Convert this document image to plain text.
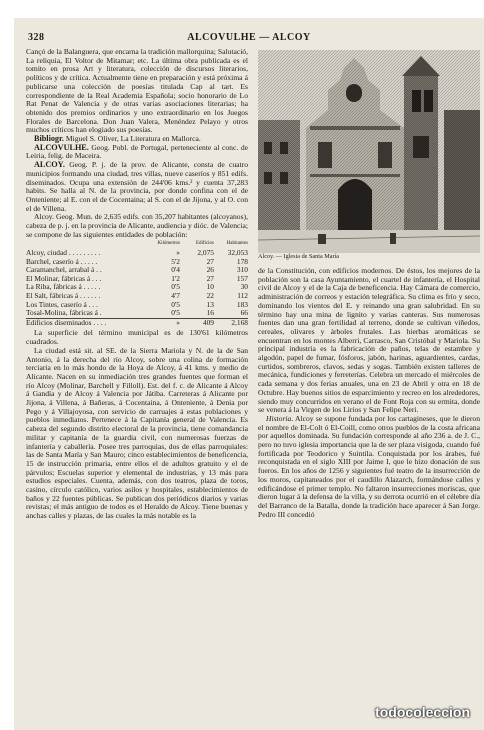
328	ALCOVULHE — ALCOY

Cançó de la Balanguera, que encarna la tradición mallorquina; Salutació, La reliquia, El Voltor de Mitamar; etc. La última obra publicada es el tomito en prosa Art y literatura, colección de discursos literarios, políticos y de crítica. Actualmente tiene en preparación y está próxima á publicarse una colección de poesías titulada Cap al tart. Es correspondiente de la Real Academia Española; socio honorario de Lo Rat Penat de Valencia y de otras varias asociaciones literarias; ha obtenido dos premios ordinarios y uno extraordinario en los Juegos Florales de Barcelona. Don Juan Valera, Menéndez Pelayo y otros muchos críticos han elogiado sus poesías.

Bibliogr. Miguel S. Oliver, La Literatura en Mallorca.

ALCOVULHE. Geog. Pobl. de Portugal, perteneciente al conc. de Leiria, felig. de Maceira.

ALCOY. Geog. P. j. de la prov. de Alicante, consta de cuatro municipios formando una ciudad, tres villas, nueve caseríos y 851 edifs. diseminados. Ocupa una extensión de 244'06 kms.² y cuenta 37,283 habits. Se halla al N. de la provincia, por donde confina con el de Onteniente; al E. con el de Cocentaina; al S. con el de Jijona, y al O. con el de Villena.

Alcoy. Geog. Mun. de 2,635 edifs. con 35,207 habitantes (alcoyanos), cabeza de p. j. en la provincia de Alicante, audiencia y dióc. de Valencia; se compone de las siguientes entidades de población:

	Kilómetros	Edificios	Habitantes
Alcoy, ciudad . . . . . . . . .	»	2,075	32,053
Barchel, caserío á . . . . .	5'2	27	178
Caramanchel, arrabal á . .	0'4	26	310
El Molinar, fábricas á . . .	1'2	27	157
La Riba, fábricas á . . . . .	0'5	10	30
El Salt, fábricas á . . . . . .	4'7	22	112
Los Tintes, caserío á . . .	0'5	13	183
Tosal-Molina, fábricas á .	0'5	16	66
Edificios diseminados . . . .	»	409	2,168

La superficie del término municipal es de 130'61 kilómetros cuadrados.

La ciudad está sit. al SE. de la Sierra Mariola y N. de la de San Antonio, á la derecha del río Alcoy, sobre una colina de formación terciaria en lo más hondo de la Hoya de Alcoy, á 41 kms. y medio de Alicante. Nacen en su inmediación tres grandes fuentes que forman el río Alcoy (Molinar, Barchell y Filloll). Est. del f. c. de Alicante á Alcoy á Gandía y de Alcoy á Valencia por Játiba. Carreteras á Alicante por Jijona, á Villena, á Bañeras, á Cocentaina, á Onteniente, á Denia por Pego y á Villajoyosa, con servicio de carruajes á estas poblaciones y pueblos inmediatos. Pertenece á la Capitanía general de Valencia. Es cabeza del segundo distrito electoral de la provincia, tiene comandancia militar y capitanía de la guardia civil, con numerosas fuerzas de infantería y caballería. Posee tres parroquias, dos de ellas parroquiales: las de Santa María y San Mauro; cinco establecimientos de beneficencia, 15 de instrucción primaria, entre ellos el de adultos gratuito y el de párvulos; Escuelas superior y elemental de industrias, y 13 más para estudios especiales. Cuenta, además, con dos teatros, plaza de toros, casino, círculo católico, varios asilos y hospitales, establecimientos de baños y 22 fuentes públicas. Se publican dos periódicos diarios y varias revistas; el más antiguo de todos es el Heraldo de Alcoy. Tiene buenas y anchas calles y plazas, de las cuales la más notable es la

Alcoy. — Iglesia de Santa María

de la Constitución, con edificios modernos. De éstos, los mejores de la población son la casa Ayuntamiento, el cuartel de infantería, el Hospital civil de Alcoy y el de la Caja de beneficencia. Hay Cámara de comercio, administración de correos y estación telegráfica. Su clima es frío y seco, dominando los vientos del E. y reinando una gran salubridad. En su término hay una mina de lignito y varias canteras. Sus numerosas fuentes dan una gran fertilidad al terreno, donde se cultivan viñedos, cereales, olivares y árboles frutales. Las hierbas aromáticas se encuentran en los montes Alberri, Carrasco, San Cristóbal y Mariola. Su principal industria es la fabricación de paños, telas de estambre y algodón, papel de fumar, fósforos, jabón, harinas, aguardientes, cardas, curtidos, sombreros, clavos, sedas y sogas. También existen talleres de mecánica, fundiciones y ferreterías. Celebra un mercado el miércoles de cada semana y dos ferias anuales, una en 23 de Abril y otra en 18 de Octubre. Hay buenos sitios de esparcimiento y recreo en los alrededores, siendo muy concurridos en verano el de Font Roja con su ermita, donde se venera á la Virgen de los Lirios y San Felipe Neri.

Historia. Alcoy se supone fundada por los cartagineses, que le dieron el nombre de El-Colt ó El-Coill, como otros pueblos de la costa africana por aquellos dominada. Su fundación corresponde al año 236 a. de J. C., pero no tuvo iglesia importancia que la de ser plaza visigoda, cuando fué fortificada por Teodorico y Suintila. Conquistada por los árabes, fué reconquistada en el siglo XIII por Jaime I, que le hizo donación de sus fueros. En los años de 1256 y siguientes fué teatro de la insurrección de los moros, capitaneados por el caudillo Alazarch, formándose calles y edificándose el primer templo. No faltaron insurrecciones moriscas, que dieron lugar á la defensa de la villa, y su derrota ocurrió en el célebre día del Barranco de la Batalla, donde la tradición hace aparecer á San Jorge. Pedro III concedió

todocoleccion
